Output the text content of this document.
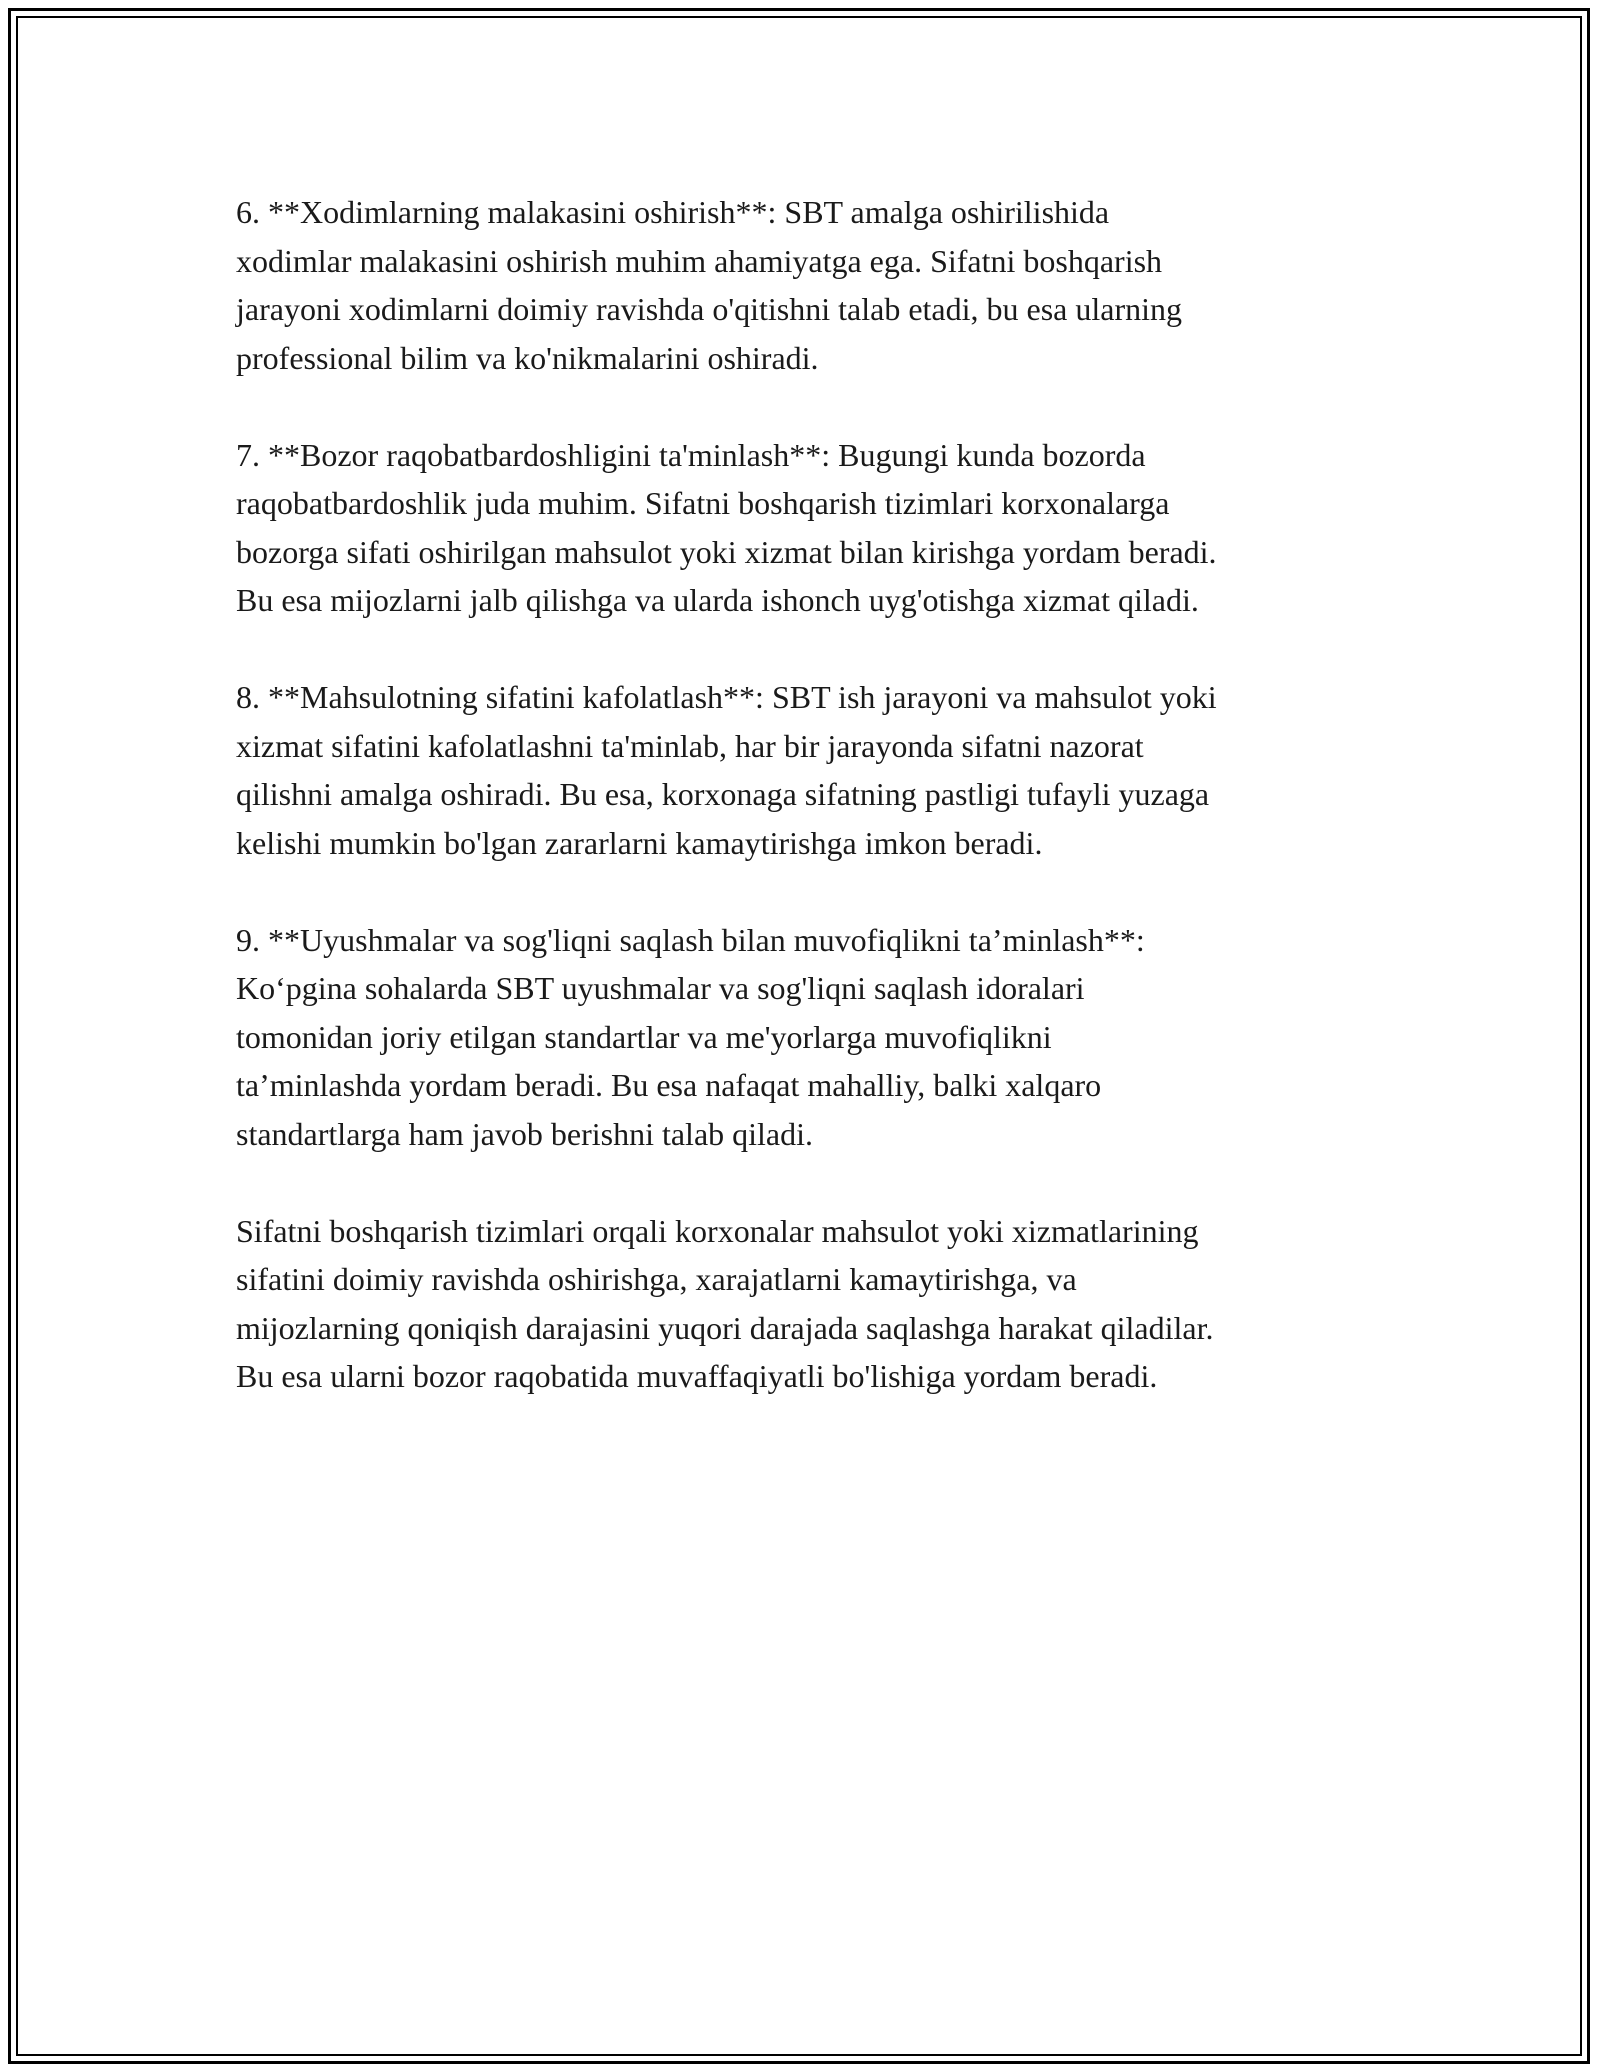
6. **Xodimlarning malakasini oshirish**: SBT amalga oshirilishida
xodimlar malakasini oshirish muhim ahamiyatga ega. Sifatni boshqarish
jarayoni xodimlarni doimiy ravishda o'qitishni talab etadi, bu esa ularning
professional bilim va ko'nikmalarini oshiradi.

7. **Bozor raqobatbardoshligini ta'minlash**: Bugungi kunda bozorda
raqobatbardoshlik juda muhim. Sifatni boshqarish tizimlari korxonalarga
bozorga sifati oshirilgan mahsulot yoki xizmat bilan kirishga yordam beradi.
Bu esa mijozlarni jalb qilishga va ularda ishonch uyg'otishga xizmat qiladi.

8. **Mahsulotning sifatini kafolatlash**: SBT ish jarayoni va mahsulot yoki
xizmat sifatini kafolatlashni ta'minlab, har bir jarayonda sifatni nazorat
qilishni amalga oshiradi. Bu esa, korxonaga sifatning pastligi tufayli yuzaga
kelishi mumkin bo'lgan zararlarni kamaytirishga imkon beradi.

9. **Uyushmalar va sog'liqni saqlash bilan muvofiqlikni ta’minlash**:
Ko‘pgina sohalarda SBT uyushmalar va sog'liqni saqlash idoralari
tomonidan joriy etilgan standartlar va me'yorlarga muvofiqlikni
ta’minlashda yordam beradi. Bu esa nafaqat mahalliy, balki xalqaro
standartlarga ham javob berishni talab qiladi.

Sifatni boshqarish tizimlari orqali korxonalar mahsulot yoki xizmatlarining
sifatini doimiy ravishda oshirishga, xarajatlarni kamaytirishga, va
mijozlarning qoniqish darajasini yuqori darajada saqlashga harakat qiladilar.
Bu esa ularni bozor raqobatida muvaffaqiyatli bo'lishiga yordam beradi.
